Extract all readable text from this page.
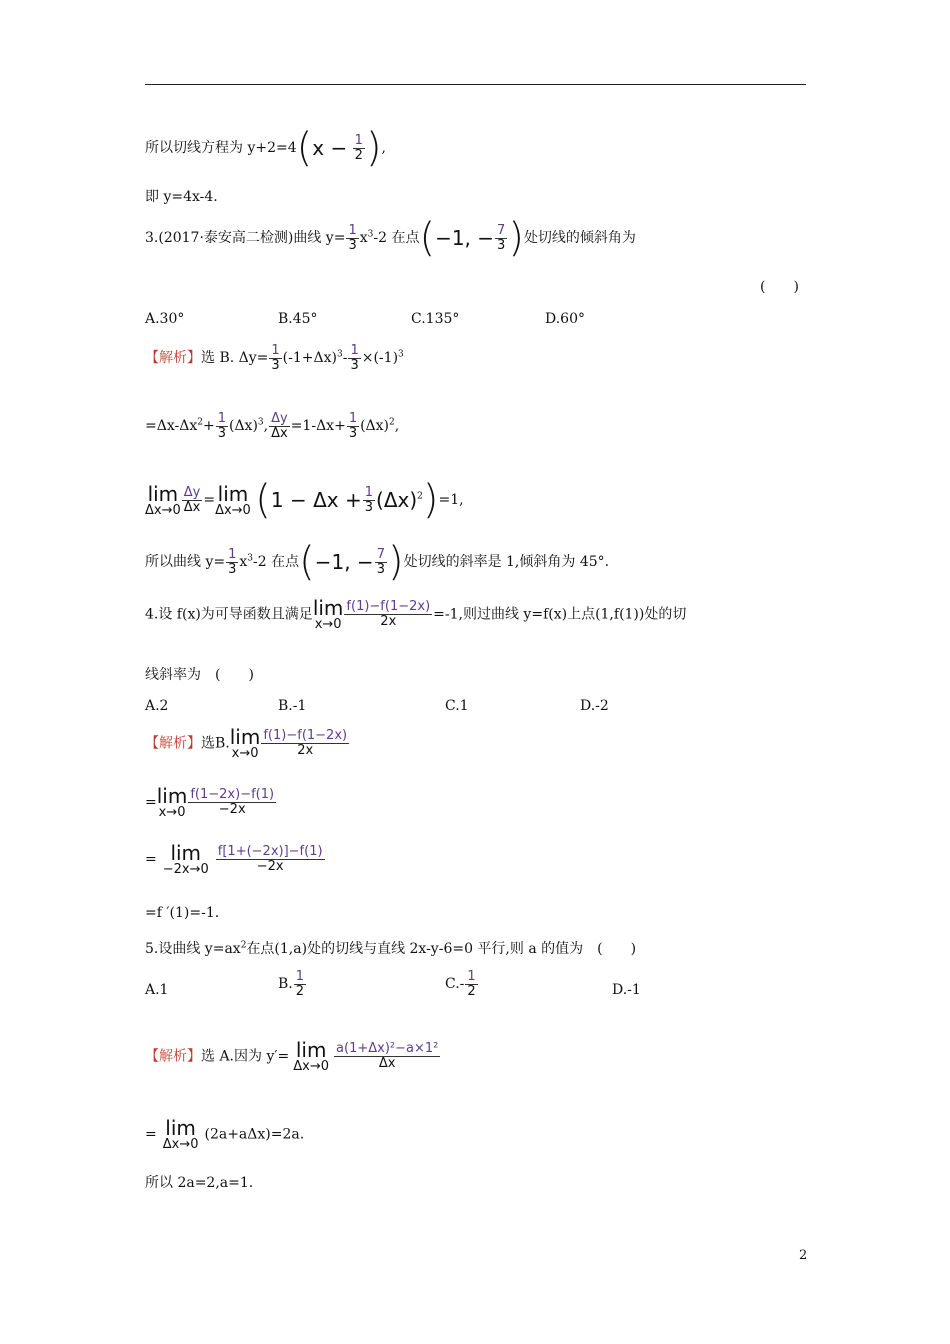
所以切线方程为 $y+2=4(x - \frac{1}{2}$ ),
即 y=4x-4.
3.(2017·泰安高二检测)曲线 $y= \frac{1}{3} x^3-2$ 在点(−1, − $\frac{7}{3}$ )处切线的倾斜角为
(　　)
A.30°	B.45°	C.135°	D.60°
【解析】选 B. $\Delta y= \frac{1}{3} (-1+\Delta x)^3- \frac{1}{3} \times(-1)^3$
$=\Delta x-\Delta x^2+ \frac{1}{3} (\Delta x)^3$, $\frac{\Delta y}{\Delta x} =1-\Delta x+ \frac{1}{3} (\Delta x)^2$,
lim
$\Delta x\to 0 \frac{\Delta y}{\Delta x} = \lim$
Δx→0 $(1 - \Delta x + \frac{1}{3} (\Delta x)^2)=1$,
所以曲线 $y= \frac{1}{3} x^3-2$ 在点(−1, − $\frac{7}{3}$ )处切线的斜率是 1,倾斜角为 45°.
4.设 f(x)为可导函数且满足 lim
$x\to 0 \frac{f(1)-f(1-2x)}{2x} =-1$,则过曲线 y=f(x)上点(1,f(1))处的切
线斜率为　(　　)
A.2	B.-1	C.1	D.-2
【解析】选B. lim
$x\to 0 \frac{f(1)-f(1-2x)}{2x}$
= lim
$x\to 0 \frac{f(1-2x)-f(1)}{-2x}$
= lim
$-2x\to 0 \frac{f[1+(-2x)]-f(1)}{-2x}$
=f ′(1)=-1.
5.设曲线 $y=ax^2$在点(1,a)处的切线与直线 2x-y-6=0 平行,则 a 的值为　(　　)
A.1	B. $\frac{1}{2}$	$C.- \frac{1}{2}$	D.-1
【解析】选 A.因为 y′= lim
$\Delta x\to 0 \frac{\text{a(1+Δx)²−a×1²}}{\Delta x}$
= lim
Δx→0
(2a+aΔx)=2a.
所以 2a=2,a=1.
2
